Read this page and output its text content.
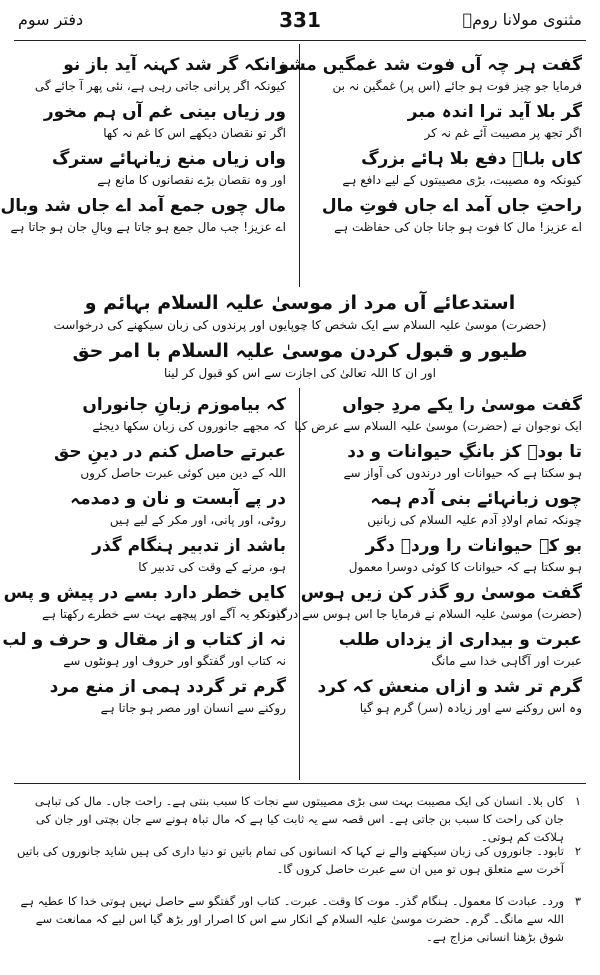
مثنوی مولانا رومؒ
331
دفتر سوم
گفت ہر چہ آں فوت شد غمگیں مشو
فرمایا جو چیز فوت ہو جائے (اس پر) غمگین نہ بن
گر بلا آید ترا اندہ مبر
اگر تجھ پر مصیبت آئے غم نہ کر
کاں بلاؔ دفع بلا ہائے بزرگ
کیونکہ وہ مصیبت، بڑی مصیبتوں کے لیے دافع ہے
راحتِ جاں آمد اے جاں فوتِ مال
اے عزیز! مال کا فوت ہو جانا جان کی حفاظت ہے
زانکہ گر شد کہنہ آید باز نو
کیونکہ اگر پرانی جاتی رہی ہے، نئی پھر آ جائے گی
ور زیاں بینی غم آں ہم مخور
اگر تو نقصان دیکھے اس کا غم نہ کھا
واں زیاں منع زیانہائے سترگ
اور وہ نقصان بڑے نقصانوں کا مانع ہے
مال چوں جمع آمد اے جاں شد وبال
اے عزیز! جب مال جمع ہو جاتا ہے وبالِ جان ہو جاتا ہے
استدعائے آں مرد از موسیٰ علیہ السلام بہائم و
(حضرت) موسیٰ علیہ السلام سے ایک شخص کا چوپایوں اور پرندوں کی زبان سیکھنے کی درخواست
طیور و قبول کردن موسیٰ علیہ السلام با امر حق
اور ان کا اللہ تعالیٰ کی اجازت سے اس کو قبول کر لینا
گفت موسیٰ را یکے مردِ جواں
ایک نوجوان نے (حضرت) موسیٰ علیہ السلام سے عرض کیا
تا بودؔ کز بانگِ حیوانات و دد
ہو سکتا ہے کہ حیوانات اور درندوں کی آواز سے
چوں زبانہائے بنی آدم ہمہ
چونکہ تمام اولادِ آدم علیہ السلام کی زبانیں
بو کہ حیوانات را وردؔ دگر
ہو سکتا ہے کہ حیوانات کا کوئی دوسرا معمول
گفت موسیٰ رو گذر کن زیں ہوس
(حضرت) موسیٰ علیہ السلام نے فرمایا جا اس ہوس سے درگذر کر
عبرت و بیداری از یزداں طلب
عبرت اور آگاہی خدا سے مانگ
گرم تر شد و ازاں منعش کہ کرد
وہ اس روکنے سے اور زیادہ (سر) گرم ہو گیا
کہ بیاموزم زبانِ جانوراں
کہ مجھے جانوروں کی زبان سکھا دیجئے
عبرتے حاصل کنم در دینِ حق
اللہ کے دین میں کوئی عبرت حاصل کروں
در پے آبست و نان و دمدمہ
روٹی، اور پانی، اور مکر کے لیے ہیں
باشد از تدبیر ہنگام گذر
ہو، مرنے کے وقت کی تدبیر کا
کایں خطر دارد بسے در پیش و پس
کیونکہ یہ آگے اور پیچھے بہت سے خطرے رکھتا ہے
نہ از کتاب و از مقال و حرف و لب
نہ کتاب اور گفتگو اور حروف اور ہونٹوں سے
گرم تر گردد ہمی از منع مرد
روکنے سے انسان اور مصر ہو جاتا ہے
۱
کاں بلا۔ انسان کی ایک مصیبت بہت سی بڑی مصیبتوں سے نجات کا سبب بنتی ہے۔ راحت جاں۔ مال کی تباہی جان کی راحت کا سبب بن جاتی ہے۔ اس قصہ سے یہ ثابت کیا ہے کہ مال تباہ ہونے سے جان بچتی اور جان کی ہلاکت کم ہوتی۔
۲
تابود۔ جانوروں کی زبان سیکھنے والے نے کہا کہ انسانوں کی تمام باتیں تو دنیا داری کی ہیں شاید جانوروں کی باتیں آخرت سے متعلق ہوں تو میں ان سے عبرت حاصل کروں گا۔
۳
ورد۔ عبادت کا معمول۔ ہنگام گذر۔ موت کا وقت۔ عبرت۔ کتاب اور گفتگو سے حاصل نہیں ہوتی خدا کا عطیہ ہے اللہ سے مانگ۔ گرم۔ حضرت موسیٰ علیہ السلام کے انکار سے اس کا اصرار اور بڑھ گیا اس لیے کہ ممانعت سے شوق بڑھنا انسانی مزاج ہے۔
